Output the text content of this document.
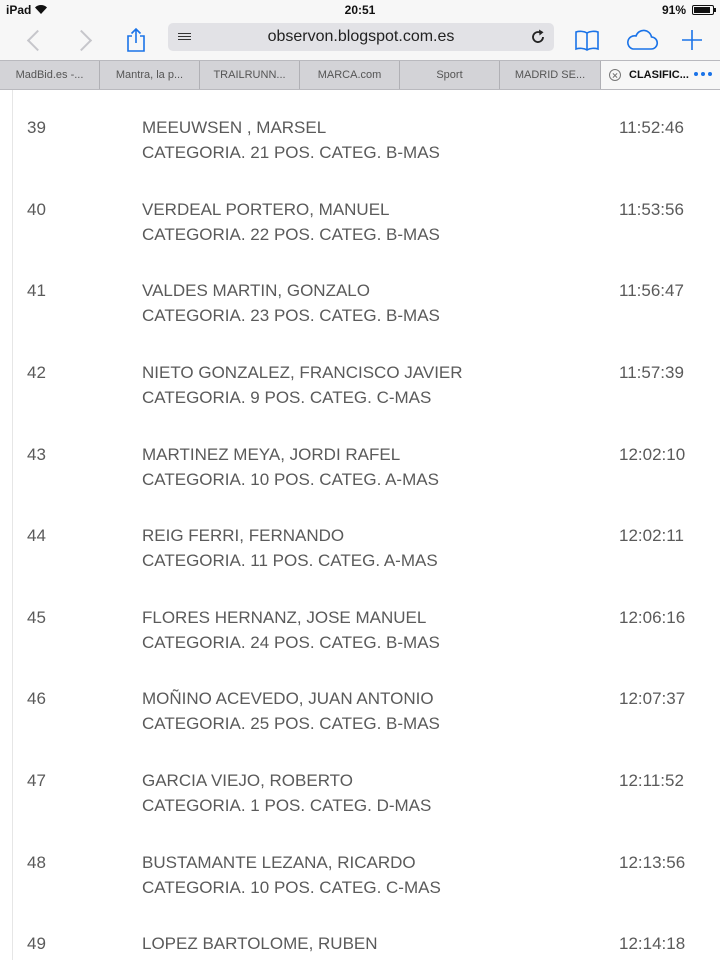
iPad	20:51	91%
observon.blogspot.com.es
MadBid.es -...	Mantra, la p...	TRAILRUNN...	MARCA.com	Sport	MADRID SE...	CLASIFIC...
39	MEEUWSEN , MARSEL
CATEGORIA. 21 POS. CATEG. B-MAS
11:52:46
40	VERDEAL PORTERO, MANUEL
CATEGORIA. 22 POS. CATEG. B-MAS
11:53:56
41	VALDES MARTIN, GONZALO
CATEGORIA. 23 POS. CATEG. B-MAS
11:56:47
42	NIETO GONZALEZ, FRANCISCO JAVIER
CATEGORIA. 9 POS. CATEG. C-MAS
11:57:39
43	MARTINEZ MEYA, JORDI RAFEL
CATEGORIA. 10 POS. CATEG. A-MAS
12:02:10
44	REIG FERRI, FERNANDO
CATEGORIA. 11 POS. CATEG. A-MAS
12:02:11
45	FLORES HERNANZ, JOSE MANUEL
CATEGORIA. 24 POS. CATEG. B-MAS
12:06:16
46	MOÑINO ACEVEDO, JUAN ANTONIO
CATEGORIA. 25 POS. CATEG. B-MAS
12:07:37
47	GARCIA VIEJO, ROBERTO
CATEGORIA. 1 POS. CATEG. D-MAS
12:11:52
48	BUSTAMANTE LEZANA, RICARDO
CATEGORIA. 10 POS. CATEG. C-MAS
12:13:56
49	LOPEZ BARTOLOME, RUBEN	12:14:18
